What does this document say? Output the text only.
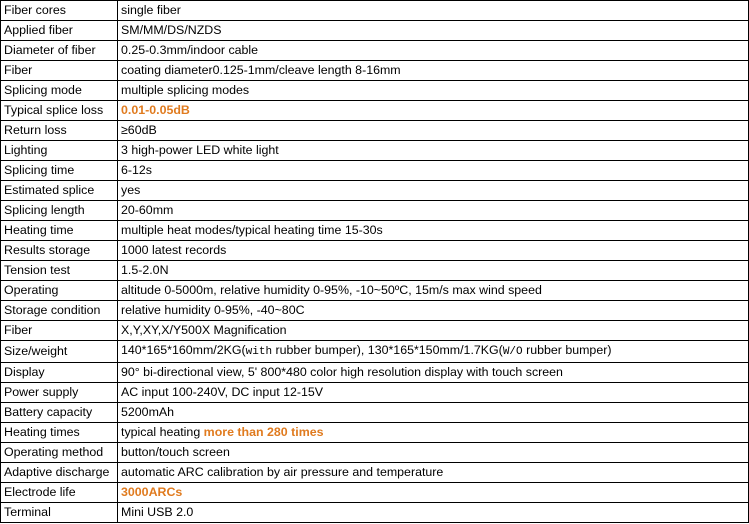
Fiber cores	single fiber
Applied fiber	SM/MM/DS/NZDS
Diameter of fiber	0.25-0.3mm/indoor cable
Fiber	coating diameter0.125-1mm/cleave length 8-16mm
Splicing mode	multiple splicing modes
Typical splice loss	0.01-0.05dB
Return loss	≥60dB
Lighting	3 high-power LED white light
Splicing time	6-12s
Estimated splice	yes
Splicing length	20-60mm
Heating time	multiple heat modes/typical heating time 15-30s
Results storage	1000 latest records
Tension test	1.5-2.0N
Operating	altitude 0-5000m, relative humidity 0-95%, -10~50ºC, 15m/s max wind speed
Storage condition	relative humidity 0-95%, -40~80C
Fiber	X,Y,XY,X/Y500X Magnification
Size/weight	140*165*160mm/2KG(with rubber bumper), 130*165*150mm/1.7KG(W/O rubber bumper)
Display	90° bi-directional view, 5' 800*480 color high resolution display with touch screen
Power supply	AC input 100-240V, DC input 12-15V
Battery capacity	5200mAh
Heating times	typical heating more than 280 times
Operating method	button/touch screen
Adaptive discharge	automatic ARC calibration by air pressure and temperature
Electrode life	3000ARCs
Terminal	Mini USB 2.0
